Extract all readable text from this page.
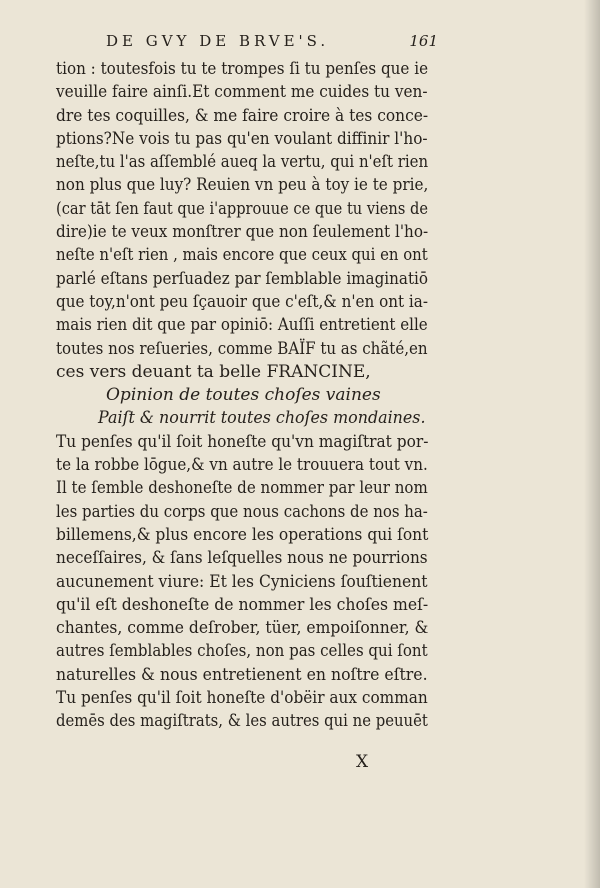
DE GVY DE BRVE'S.	161
tion : toutesfois tu te trompes ſi tu penſes que ie
veuille faire ainſi.Et comment me cuides tu ven-
dre tes coquilles, & me faire croire à tes conce-
ptions?Ne vois tu pas qu'en voulant diffinir l'ho-
neſte,tu l'as aſſemblé aueq la vertu, qui n'eſt rien
non plus que luy? Reuien vn peu à toy ie te prie,
(car tāt ſen faut que i'approuue ce que tu viens de
dire)ie te veux monſtrer que non ſeulement l'ho-
neſte n'eſt rien , mais encore que ceux qui en ont
parlé eſtans perſuadez par ſemblable imaginatiō
que toy,n'ont peu ſçauoir que c'eſt,& n'en ont ia-
mais rien dit que par opiniō: Auſſi entretient elle
toutes nos reſueries, comme BAÏF tu as chãté,en
ces vers deuant ta belle FRANCINE,
Opinion de toutes choſes vaines
Paiſt & nourrit toutes choſes mondaines.
Tu penſes qu'il ſoit honeſte qu'vn magiſtrat por-
te la robbe lōgue,& vn autre le trouuera tout vn.
Il te ſemble deshoneſte de nommer par leur nom
les parties du corps que nous cachons de nos ha-
billemens,& plus encore les operations qui ſont
neceſſaires, & ſans leſquelles nous ne pourrions
aucunement viure: Et les Cyniciens ſouſtienent
qu'il eſt deshoneſte de nommer les choſes meſ-
chantes, comme deſrober, tüer, empoiſonner, &
autres ſemblables choſes, non pas celles qui ſont
naturelles & nous entretienent en noſtre eſtre.
Tu penſes qu'il ſoit honeſte d'obëir aux comman
demēs des magiſtrats, & les autres qui ne peuuēt
X
